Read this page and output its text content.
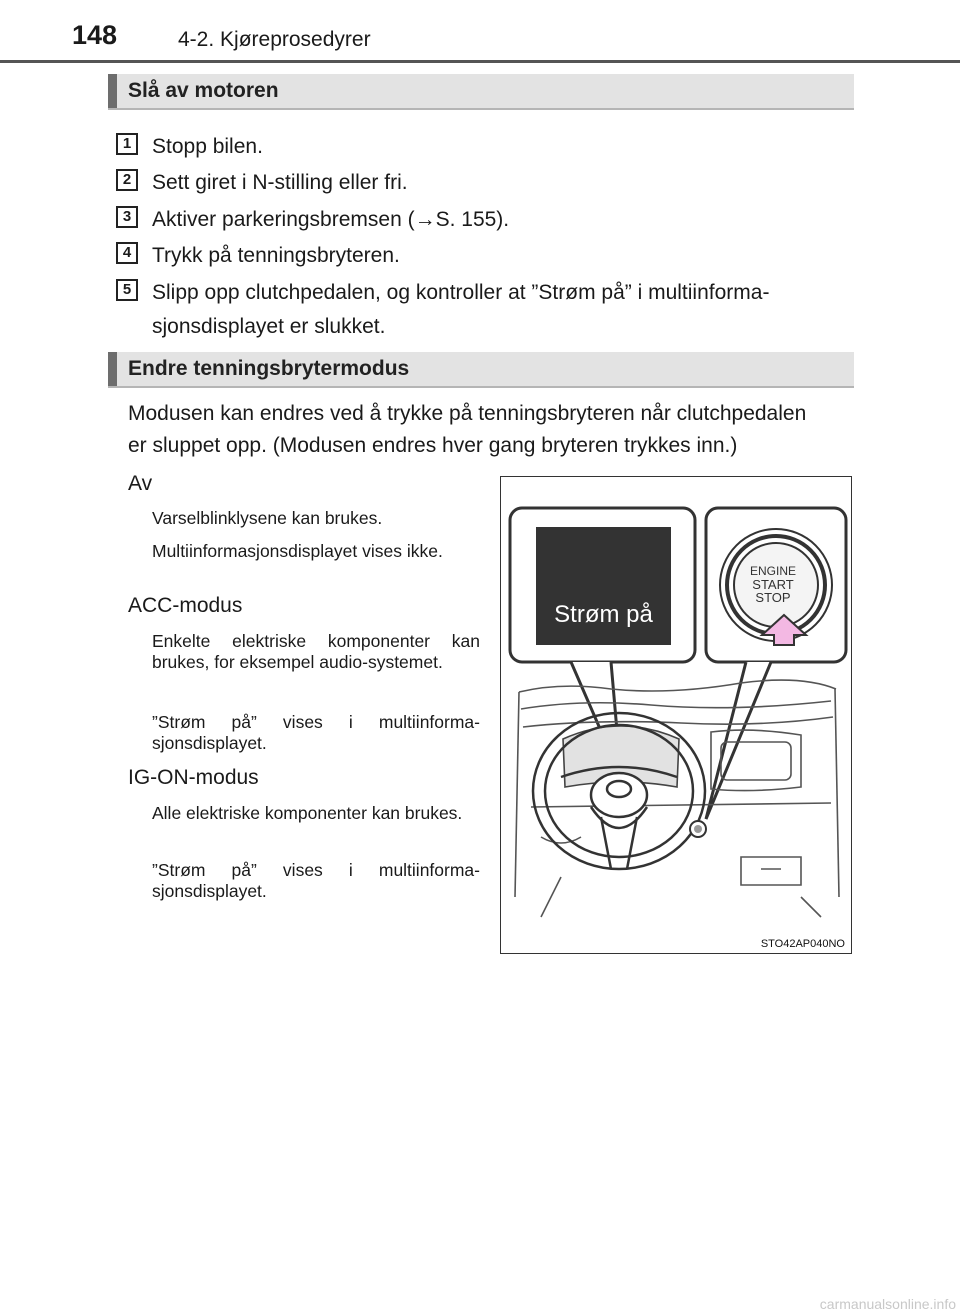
148	4-2. Kjøreprosedyrer
Slå av motoren
1 Stopp bilen.
2 Sett giret i N-stilling eller fri.
3 Aktiver parkeringsbremsen (→S. 155).
4 Trykk på tenningsbryteren.
5 Slipp opp clutchpedalen, og kontroller at ”Strøm på” i multiinforma-
sjonsdisplayet er slukket.
Endre tenningsbrytermodus
Modusen kan endres ved å trykke på tenningsbryteren når clutchpedalen
er sluppet opp. (Modusen endres hver gang bryteren trykkes inn.)
Av
Varselblinklysene kan brukes.
Multiinformasjonsdisplayet vises ikke.
ACC-modus
Enkelte elektriske komponenter kan brukes, for eksempel audio-systemet.
”Strøm på” vises i multiinforma-sjonsdisplayet.
IG-ON-modus
Alle elektriske komponenter kan brukes.
”Strøm på” vises i multiinforma-sjonsdisplayet.
Strøm på
ENGINE
START
STOP
STO42AP040NO
carmanualsonline.info
